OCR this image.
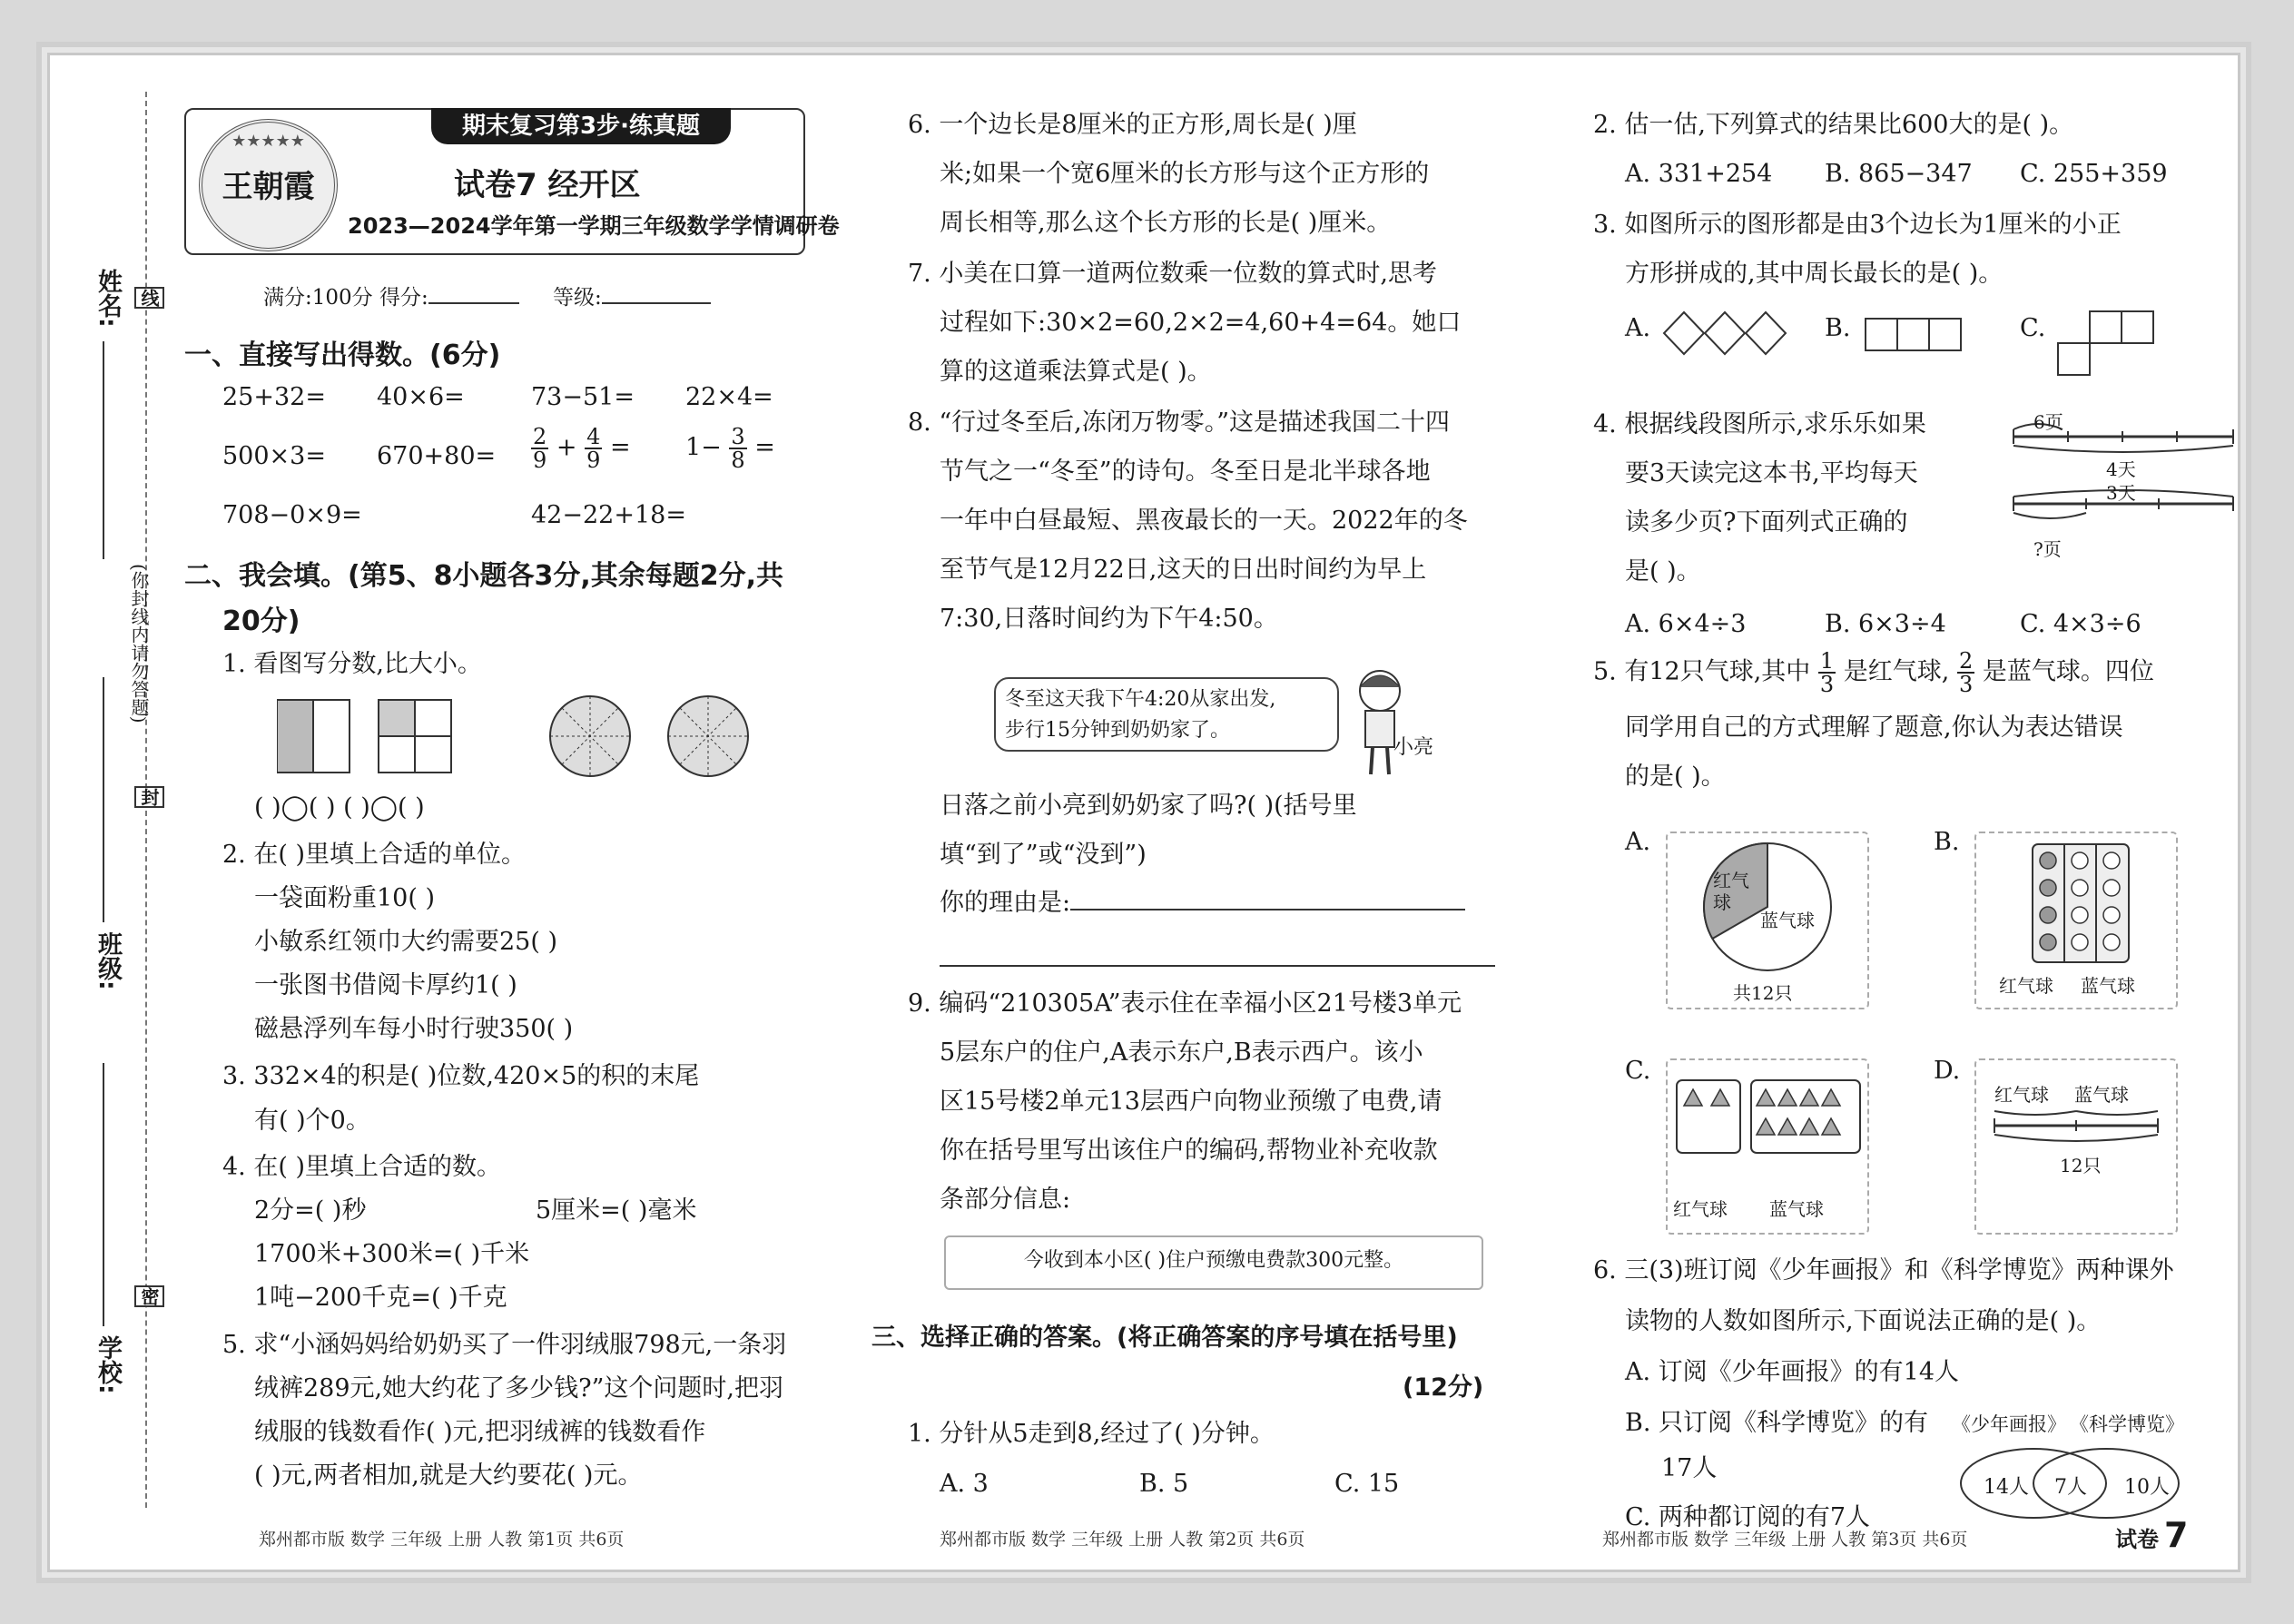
姓名:
班级:
学校:
(你封线内请勿答题)
线
封
密
★★★★★
王朝霞
期末复习第3步·练真题
试卷7 经开区
2023—2024学年第一学期三年级数学学情调研卷
满分:100分 得分:	等级:
一、直接写出得数。(6分)
25+32= 40×6=	73−51= 22×4=
$500\times 3= 670+80= \frac{2}{9} + \frac{4}{9} = 1- \frac{3}{8}$ =
708−0×9=	42−22+18=
二、我会填。(第5、8小题各3分,其余每题2分,共
20分)
1. 看图写分数,比大小。
( )◯( ) ( )◯( )
2. 在( )里填上合适的单位。
一袋面粉重10( )
小敏系红领巾大约需要25( )
一张图书借阅卡厚约1( )
磁悬浮列车每小时行驶350( )
3. 332×4的积是( )位数,420×5的积的末尾
有( )个0。
4. 在( )里填上合适的数。
2分=( )秒	5厘米=( )毫米
1700米+300米=( )千米
1吨−200千克=( )千克
5. 求“小涵妈妈给奶奶买了一件羽绒服798元,一条羽
绒裤289元,她大约花了多少钱?”这个问题时,把羽
绒服的钱数看作( )元,把羽绒裤的钱数看作
( )元,两者相加,就是大约要花( )元。
郑州都市版 数学 三年级 上册 人教 第1页 共6页
6. 一个边长是8厘米的正方形,周长是( )厘
米;如果一个宽6厘米的长方形与这个正方形的
周长相等,那么这个长方形的长是( )厘米。
7. 小美在口算一道两位数乘一位数的算式时,思考
过程如下:30×2=60,2×2=4,60+4=64。她口
算的这道乘法算式是( )。
8. “行过冬至后,冻闭万物零。”这是描述我国二十四
节气之一“冬至”的诗句。冬至日是北半球各地
一年中白昼最短、黑夜最长的一天。2022年的冬
至节气是12月22日,这天的日出时间约为早上
7:30,日落时间约为下午4:50。
冬至这天我下午4:20从家出发,
步行15分钟到奶奶家了。
小亮
日落之前小亮到奶奶家了吗?( )(括号里
填“到了”或“没到”)
你的理由是:
9. 编码“210305A”表示住在幸福小区21号楼3单元
5层东户的住户,A表示东户,B表示西户。该小
区15号楼2单元13层西户向物业预缴了电费,请
你在括号里写出该住户的编码,帮物业补充收款
条部分信息:
今收到本小区( )住户预缴电费款300元整。
三、选择正确的答案。(将正确答案的序号填在括号里)
(12分)
1. 分针从5走到8,经过了( )分钟。
A. 3	B. 5	C. 15
郑州都市版 数学 三年级 上册 人教 第2页 共6页
2. 估一估,下列算式的结果比600大的是( )。
A. 331+254 B. 865−347 C. 255+359
3. 如图所示的图形都是由3个边长为1厘米的小正
方形拼成的,其中周长最长的是( )。
A.	B.	C.
4. 根据线段图所示,求乐乐如果
要3天读完这本书,平均每天
读多少页?下面列式正确的
是( )。
6页
4天
3天
?页
A. 6×4÷3	B. 6×3÷4	C. 4×3÷6
5. 有12只气球,其中 $\frac{1}{3}$ 是红气球, $\frac{2}{3}$ 是蓝气球。四位
同学用自己的方式理解了题意,你认为表达错误
的是( )。
A.	B.
C.	D.
红气球
蓝气球
共12只	红气球 蓝气球
红气球 蓝气球
红气球 蓝气球
12只
6. 三(3)班订阅《少年画报》和《科学博览》两种课外
读物的人数如图所示,下面说法正确的是( )。
A. 订阅《少年画报》的有14人
B. 只订阅《科学博览》的有
17人
C. 两种都订阅的有7人
《少年画报》 《科学博览》
14人 7人 10人
郑州都市版 数学 三年级 上册 人教 第3页 共6页	试卷 7
